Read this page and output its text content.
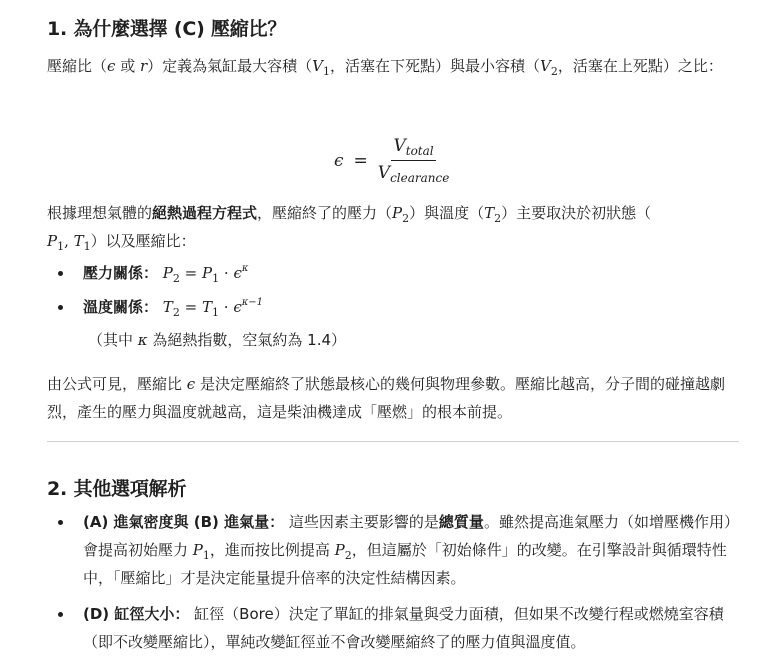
1. 為什麼選擇 (C) 壓縮比？

壓縮比（ϵ 或 r）定義為氣缸最大容積（$V_1$，活塞在下死點）與最小容積（$V_2$，活塞在上死點）之比：

$\epsilon = \frac{V_{total}}{V_{clearance}}$

根據理想氣體的絕熱過程方程式，壓縮終了的壓力$(P_2)$與溫度$(T_2)$主要取決於初狀態（
$P_1$, $T_1$）以及壓縮比：

壓力關係： $P_2 = P_1 \cdot \epsilon^\kappa$
溫度關係： $T_2 = T_1 \cdot \epsilon^{\kappa-1}$
（其中 κ 為絕熱指數，空氣約為 1.4）

由公式可見，壓縮比 ϵ 是決定壓縮終了狀態最核心的幾何與物理參數。壓縮比越高，分子間的碰撞越劇烈，產生的壓力與溫度就越高，這是柴油機達成「壓燃」的根本前提。

2. 其他選項解析
(A) 進氣密度與 (B) 進氣量： 這些因素主要影響的是總質量。雖然提高進氣壓力（如增壓機作用）會提高初始壓力 $P_1$，進而按比例提高 $P_2$，但這屬於「初始條件」的改變。在引擎設計與循環特性中，「壓縮比」才是決定能量提升倍率的決定性結構因素。
(D) 缸徑大小： 缸徑（Bore）決定了單缸的排氣量與受力面積，但如果不改變行程或燃燒室容積（即不改變壓縮比），單純改變缸徑並不會改變壓縮終了的壓力值與溫度值。
